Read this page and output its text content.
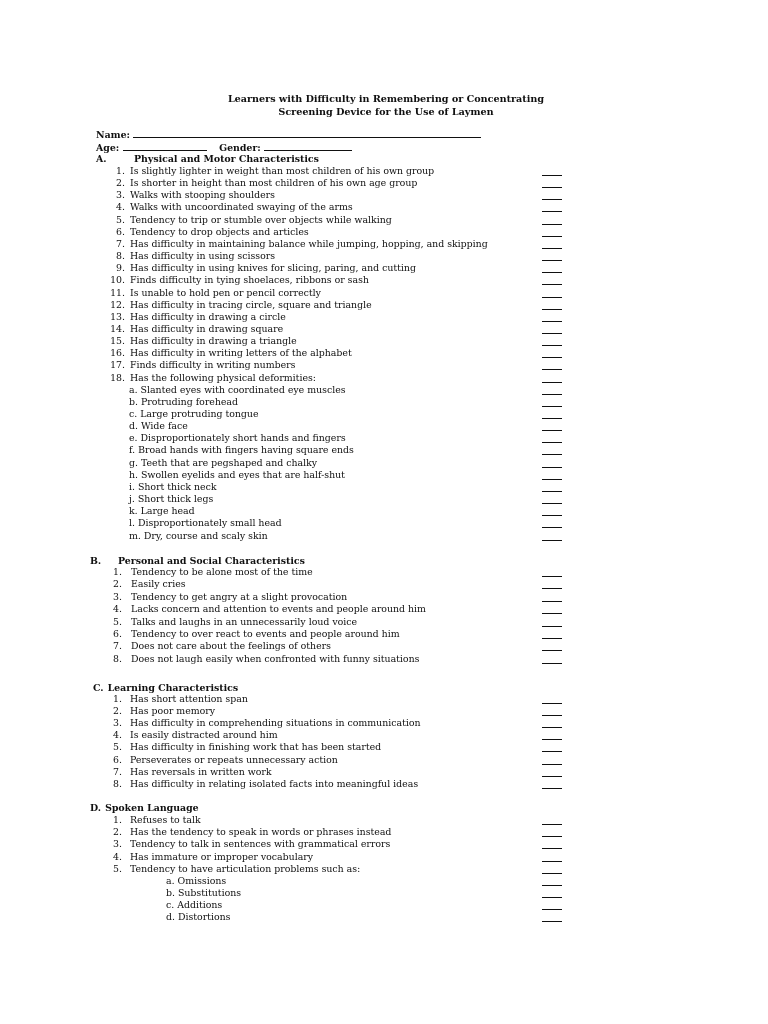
Learners with Difficulty in Remembering or Concentrating
Screening Device for the Use of Laymen
Name:
Age:	Gender:
A.	Physical and Motor Characteristics
1. Is slightly lighter in weight than most children of his own group
2. Is shorter in height than most children of his own age group
3. Walks with stooping shoulders
4. Walks with uncoordinated swaying of the arms
5. Tendency to trip or stumble over objects while walking
6. Tendency to drop objects and articles
7. Has difficulty in maintaining balance while jumping, hopping, and skipping
8. Has difficulty in using scissors
9. Has difficulty in using knives for slicing, paring, and cutting
10. Finds difficulty in tying shoelaces, ribbons or sash
11. Is unable to hold pen or pencil correctly
12. Has difficulty in tracing circle, square and triangle
13. Has difficulty in drawing a circle
14. Has difficulty in drawing square
15. Has difficulty in drawing a triangle
16. Has difficulty in writing letters of the alphabet
17. Finds difficulty in writing numbers
18. Has the following physical deformities:
a. Slanted eyes with coordinated eye muscles
b. Protruding forehead
c. Large protruding tongue
d. Wide face
e. Disproportionately short hands and fingers
f. Broad hands with fingers having square ends
g. Teeth that are pegshaped and chalky
h. Swollen eyelids and eyes that are half-shut
i. Short thick neck
j. Short thick legs
k. Large head
l. Disproportionately small head
m. Dry, course and scaly skin
B. Personal and Social Characteristics
1. Tendency to be alone most of the time
2. Easily cries
3. Tendency to get angry at a slight provocation
4. Lacks concern and attention to events and people around him
5. Talks and laughs in an unnecessarily loud voice
6. Tendency to over react to events and people around him
7. Does not care about the feelings of others
8. Does not laugh easily when confronted with funny situations
C. Learning Characteristics
1. Has short attention span
2. Has poor memory
3. Has difficulty in comprehending situations in communication
4. Is easily distracted around him
5. Has difficulty in finishing work that has been started
6. Perseverates or repeats unnecessary action
7. Has reversals in written work
8. Has difficulty in relating isolated facts into meaningful ideas
D. Spoken Language
1. Refuses to talk
2. Has the tendency to speak in words or phrases instead
3. Tendency to talk in sentences with grammatical errors
4. Has immature or improper vocabulary
5. Tendency to have articulation problems such as:
a. Omissions
b. Substitutions
c. Additions
d. Distortions
